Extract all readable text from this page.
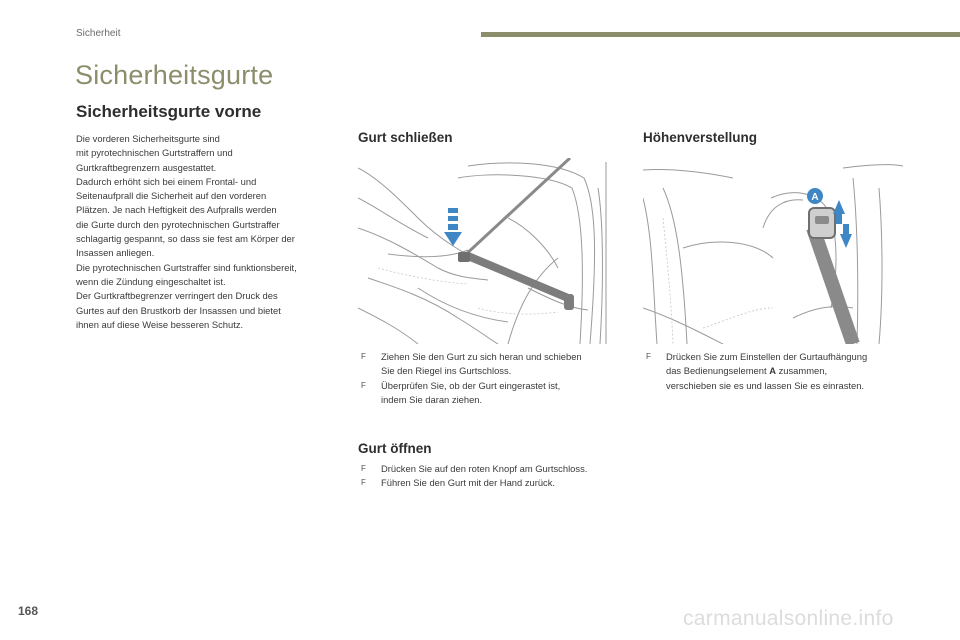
Sicherheit
Sicherheitsgurte
Sicherheitsgurte vorne

Die vorderen Sicherheitsgurte sind

mit pyrotechnischen Gurtstraffern und

Gurtkraftbegrenzern ausgestattet.

Dadurch erhöht sich bei einem Frontal- und

Seitenaufprall die Sicherheit auf den vorderen

Plätzen. Je nach Heftigkeit des Aufpralls werden

die Gurte durch den pyrotechnischen Gurtstraffer

schlagartig gespannt, so dass sie fest am Körper der

Insassen anliegen.

Die pyrotechnischen Gurtstraffer sind funktionsbereit,

wenn die Zündung eingeschaltet ist.

Der Gurtkraftbegrenzer verringert den Druck des

Gurtes auf den Brustkorb der Insassen und bietet

ihnen auf diese Weise besseren Schutz.

Gurt schließen
F Ziehen Sie den Gurt zu sich heran und schieben
Sie den Riegel ins Gurtschloss.
F Überprüfen Sie, ob der Gurt eingerastet ist,
indem Sie daran ziehen.
Gurt öffnen
F Drücken Sie auf den roten Knopf am Gurtschloss.
F Führen Sie den Gurt mit der Hand zurück.
Höhenverstellung
A
F Drücken Sie zum Einstellen der Gurtaufhängung
das Bedienungselement A zusammen,
verschieben sie es und lassen Sie es einrasten.
168	carmanualsonline.info
